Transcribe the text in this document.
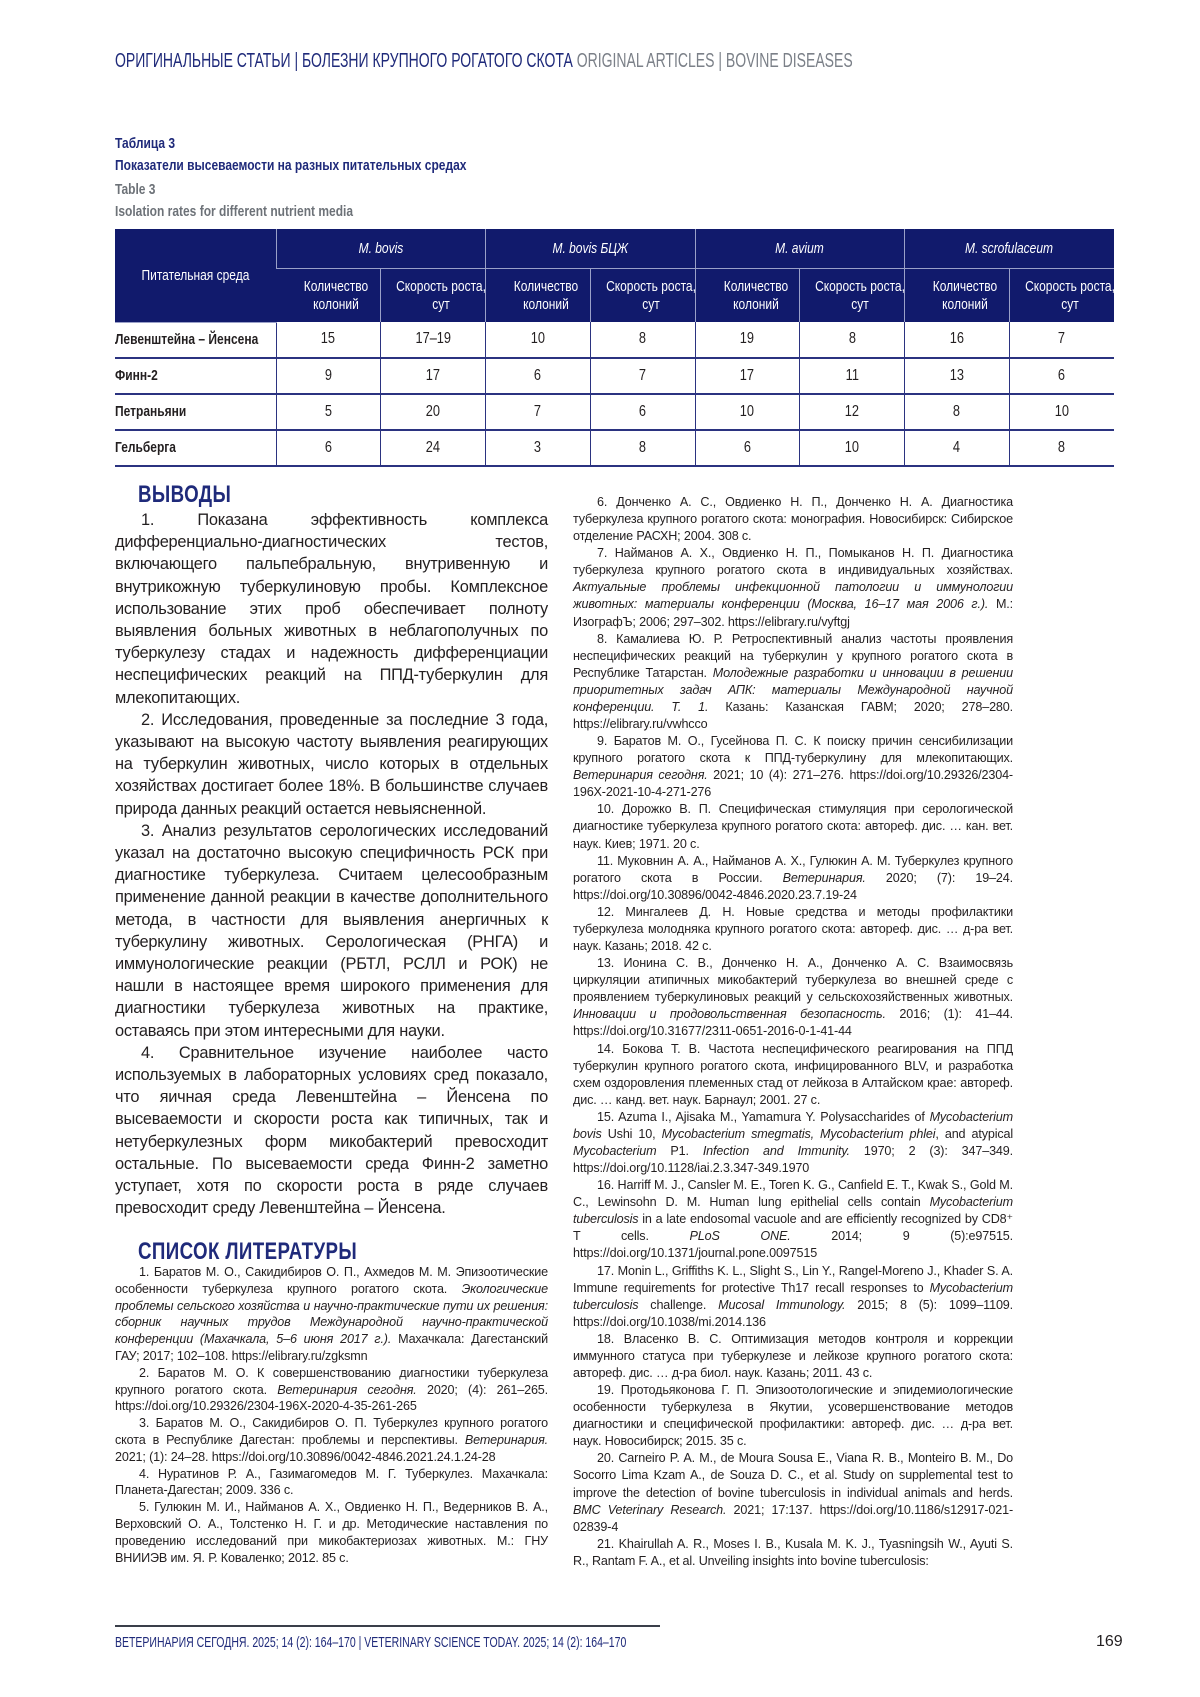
ОРИГИНАЛЬНЫЕ СТАТЬИ | БОЛЕЗНИ КРУПНОГО РОГАТОГО СКОТА ORIGINAL ARTICLES | BOVINE DISEASES
Таблица 3
Показатели высеваемости на разных питательных средах
Table 3
Isolation rates for different nutrient media
Питательная среда	M. bovis	M. bovis БЦЖ	M. avium	M. scrofulaceum
Количество колоний	Скорость роста, сут	Количество колоний	Скорость роста, сут	Количество колоний	Скорость роста, сут	Количество колоний	Скорость роста, сут
Левенштейна – Йенсена	15	17–19	10	8	19	8	16	7
Финн-2	9	17	6	7	17	11	13	6
Петраньяни	5	20	7	6	10	12	8	10
Гельберга	6	24	3	8	6	10	4	8
ВЫВОДЫ

1. Показана эффективность комплекса дифференциально-диагностических тестов, включающего пальпебральную, внутривенную и внутрикожную туберкулиновую пробы. Комплексное использование этих проб обеспечивает полноту выявления больных животных в неблагополучных по туберкулезу стадах и надежность дифференциации неспецифических реакций на ППД-туберкулин для млекопитающих.

2. Исследования, проведенные за последние 3 года, указывают на высокую частоту выявления реагирующих на туберкулин животных, число которых в отдельных хозяйствах достигает более 18%. В большинстве случаев природа данных реакций остается невыясненной.

3. Анализ результатов серологических исследований указал на достаточно высокую специфичность РСК при диагностике туберкулеза. Считаем целесообразным применение данной реакции в качестве дополнительного метода, в частности для выявления анергичных к туберкулину животных. Серологическая (РНГА) и иммунологические реакции (РБТЛ, РСЛЛ и РОК) не нашли в настоящее время широкого применения для диагностики туберкулеза животных на практике, оставаясь при этом интересными для науки.

4. Сравнительное изучение наиболее часто используемых в лабораторных условиях сред показало, что яичная среда Левенштейна – Йенсена по высеваемости и скорости роста как типичных, так и нетуберкулезных форм микобактерий превосходит остальные. По высеваемости среда Финн-2 заметно уступает, хотя по скорости роста в ряде случаев превосходит среду Левенштейна – Йенсена.

СПИСОК ЛИТЕРАТУРЫ

1. Баратов М. О., Сакидибиров О. П., Ахмедов М. М. Эпизоотические особенности туберкулеза крупного рогатого скота. Экологические проблемы сельского хозяйства и научно-практические пути их решения: сборник научных трудов Международной научно-практической конференции (Махачкала, 5–6 июня 2017 г.). Махачкала: Дагестанский ГАУ; 2017; 102–108. https://elibrary.ru/zgksmn

2. Баратов М. О. К совершенствованию диагностики туберкулеза крупного рогатого скота. Ветеринария сегодня. 2020; (4): 261–265. https://doi.org/10.29326/2304-196X-2020-4-35-261-265

3. Баратов М. О., Сакидибиров О. П. Туберкулез крупного рогатого скота в Республике Дагестан: проблемы и перспективы. Ветеринария. 2021; (1): 24–28. https://doi.org/10.30896/0042-4846.2021.24.1.24-28

4. Нуратинов Р. А., Газимагомедов М. Г. Туберкулез. Махачкала: Планета-Дагестан; 2009. 336 с.

5. Гулюкин М. И., Найманов А. Х., Овдиенко Н. П., Ведерников В. А., Верховский О. А., Толстенко Н. Г. и др. Методические наставления по проведению исследований при микобактериозах животных. М.: ГНУ ВНИИЭВ им. Я. Р. Коваленко; 2012. 85 с.

6. Донченко А. С., Овдиенко Н. П., Донченко Н. А. Диагностика туберкулеза крупного рогатого скота: монография. Новосибирск: Сибирское отделение РАСХН; 2004. 308 с.

7. Найманов А. Х., Овдиенко Н. П., Помыканов Н. П. Диагностика туберкулеза крупного рогатого скота в индивидуальных хозяйствах. Актуальные проблемы инфекционной патологии и иммунологии животных: материалы конференции (Москва, 16–17 мая 2006 г.). М.: ИзографЪ; 2006; 297–302. https://elibrary.ru/vyftgj

8. Камалиева Ю. Р. Ретроспективный анализ частоты проявления неспецифических реакций на туберкулин у крупного рогатого скота в Республике Татарстан. Молодежные разработки и инновации в решении приоритетных задач АПК: материалы Международной научной конференции. Т. 1. Казань: Казанская ГАВМ; 2020; 278–280. https://elibrary.ru/vwhcco

9. Баратов М. О., Гусейнова П. С. К поиску причин сенсибилизации крупного рогатого скота к ППД-туберкулину для млекопитающих. Ветеринария сегодня. 2021; 10 (4): 271–276. https://doi.org/10.29326/2304-196X-2021-10-4-271-276

10. Дорожко В. П. Специфическая стимуляция при серологической диагностике туберкулеза крупного рогатого скота: автореф. дис. … кан. вет. наук. Киев; 1971. 20 с.

11. Муковнин А. А., Найманов А. Х., Гулюкин А. М. Туберкулез крупного рогатого скота в России. Ветеринария. 2020; (7): 19–24. https://doi.org/10.30896/0042-4846.2020.23.7.19-24

12. Мингалеев Д. Н. Новые средства и методы профилактики туберкулеза молодняка крупного рогатого скота: автореф. дис. … д-ра вет. наук. Казань; 2018. 42 с.

13. Ионина С. В., Донченко Н. А., Донченко А. С. Взаимосвязь циркуляции атипичных микобактерий туберкулеза во внешней среде с проявлением туберкулиновых реакций у сельскохозяйственных животных. Инновации и продовольственная безопасность. 2016; (1): 41–44. https://doi.org/10.31677/2311-0651-2016-0-1-41-44

14. Бокова Т. В. Частота неспецифического реагирования на ППД туберкулин крупного рогатого скота, инфицированного BLV, и разработка схем оздоровления племенных стад от лейкоза в Алтайском крае: автореф. дис. … канд. вет. наук. Барнаул; 2001. 27 с.

15. Azuma I., Ajisaka M., Yamamura Y. Polysaccharides of Mycobacterium bovis Ushi 10, Mycobacterium smegmatis, Mycobacterium phlei, and atypical Mycobacterium P1. Infection and Immunity. 1970; 2 (3): 347–349. https://doi.org/10.1128/iai.2.3.347-349.1970

16. Harriff M. J., Cansler M. E., Toren K. G., Canfield E. T., Kwak S., Gold M. C., Lewinsohn D. M. Human lung epithelial cells contain Mycobacterium tuberculosis in a late endosomal vacuole and are efficiently recognized by CD8⁺ T cells. PLoS ONE. 2014; 9 (5):e97515. https://doi.org/10.1371/journal.pone.0097515

17. Monin L., Griffiths K. L., Slight S., Lin Y., Rangel-Moreno J., Khader S. A. Immune requirements for protective Th17 recall responses to Mycobacterium tuberculosis challenge. Mucosal Immunology. 2015; 8 (5): 1099–1109. https://doi.org/10.1038/mi.2014.136

18. Власенко В. С. Оптимизация методов контроля и коррекции иммунного статуса при туберкулезе и лейкозе крупного рогатого скота: автореф. дис. … д-ра биол. наук. Казань; 2011. 43 с.

19. Протодьяконова Г. П. Эпизоотологические и эпидемиологические особенности туберкулеза в Якутии, усовершенствование методов диагностики и специфической профилактики: автореф. дис. … д-ра вет. наук. Новосибирск; 2015. 35 с.

20. Carneiro P. A. M., de Moura Sousa E., Viana R. B., Monteiro B. M., Do Socorro Lima Kzam A., de Souza D. C., et al. Study on supplemental test to improve the detection of bovine tuberculosis in individual animals and herds. BMC Veterinary Research. 2021; 17:137. https://doi.org/10.1186/s12917-021-02839-4

21. Khairullah A. R., Moses I. B., Kusala M. K. J., Tyasningsih W., Ayuti S. R., Rantam F. A., et al. Unveiling insights into bovine tuberculosis:

ВЕТЕРИНАРИЯ СЕГОДНЯ. 2025; 14 (2): 164–170 | VETERINARY SCIENCE TODAY. 2025; 14 (2): 164–170	169
